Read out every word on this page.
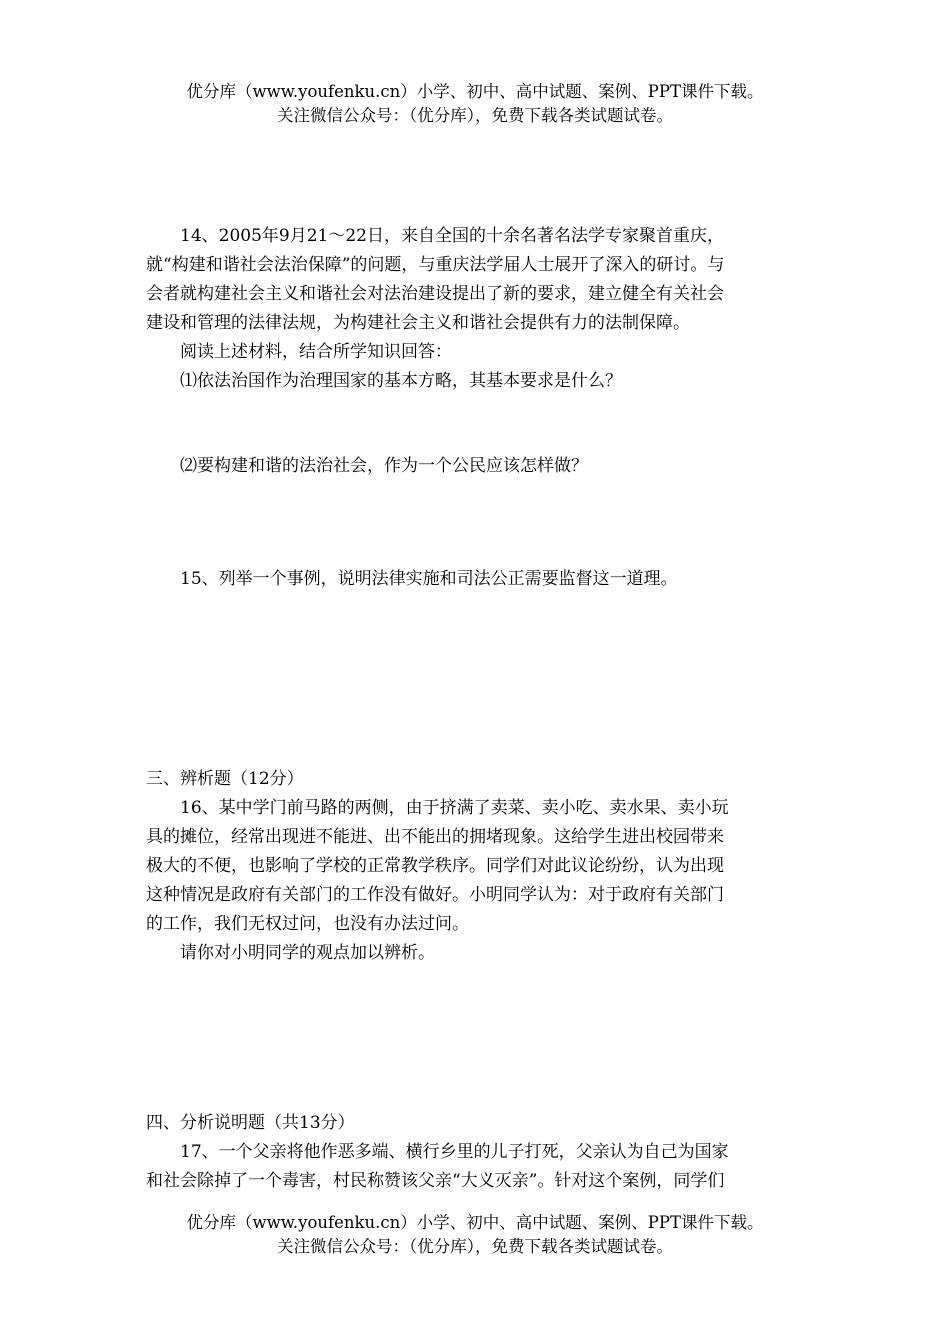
优分库（www.youfenku.cn）小学、初中、高中试题、案例、PPT课件下载。
关注微信公众号：（优分库），免费下载各类试题试卷。
14、2005年9月21～22日，来自全国的十余名著名法学专家聚首重庆，
就“构建和谐社会法治保障”的问题，与重庆法学届人士展开了深入的研讨。与
会者就构建社会主义和谐社会对法治建设提出了新的要求，建立健全有关社会
建设和管理的法律法规，为构建社会主义和谐社会提供有力的法制保障。
阅读上述材料，结合所学知识回答：
⑴依法治国作为治理国家的基本方略，其基本要求是什么？
⑵要构建和谐的法治社会，作为一个公民应该怎样做？
15、列举一个事例，说明法律实施和司法公正需要监督这一道理。
三、辨析题（12分）
16、某中学门前马路的两侧，由于挤满了卖菜、卖小吃、卖水果、卖小玩
具的摊位，经常出现进不能进、出不能出的拥堵现象。这给学生进出校园带来
极大的不便，也影响了学校的正常教学秩序。同学们对此议论纷纷，认为出现
这种情况是政府有关部门的工作没有做好。小明同学认为：对于政府有关部门
的工作，我们无权过问，也没有办法过问。
请你对小明同学的观点加以辨析。
四、分析说明题（共13分）
17、一个父亲将他作恶多端、横行乡里的儿子打死，父亲认为自己为国家
和社会除掉了一个毒害，村民称赞该父亲“大义灭亲”。针对这个案例，同学们
优分库（www.youfenku.cn）小学、初中、高中试题、案例、PPT课件下载。
关注微信公众号：（优分库），免费下载各类试题试卷。
